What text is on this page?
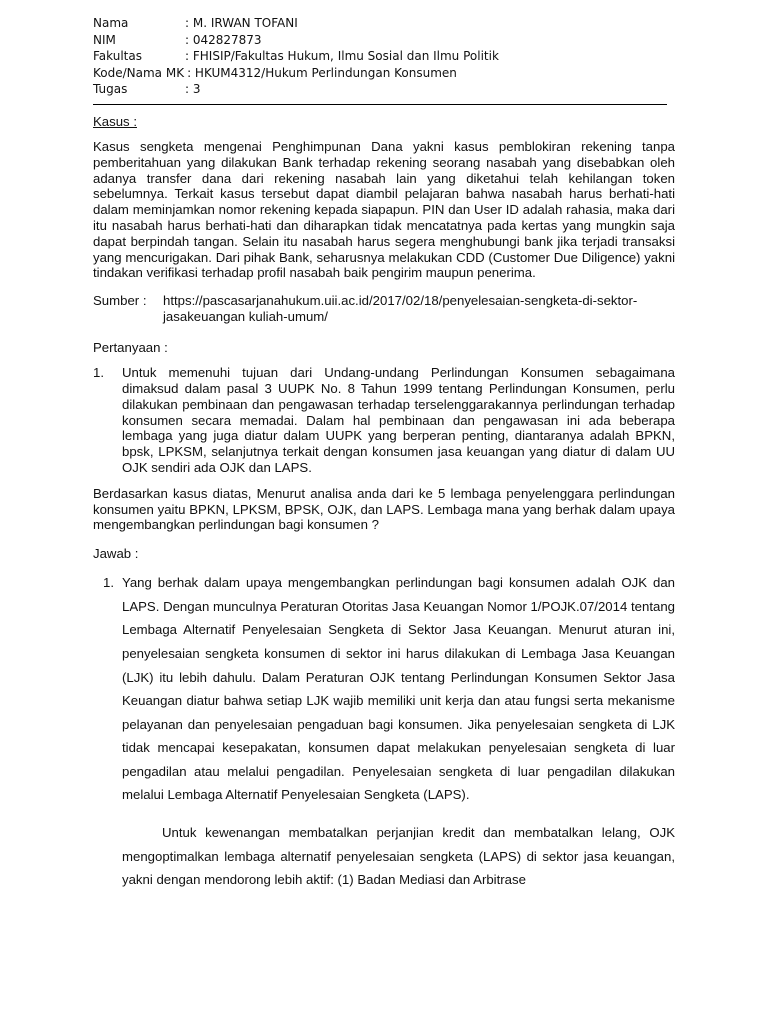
Nama	: M. IRWAN TOFANI
NIM	: 042827873
Fakultas	: FHISIP/Fakultas Hukum, Ilmu Sosial dan Ilmu Politik
Kode/Nama MK : HKUM4312/Hukum Perlindungan Konsumen
Tugas	: 3
Kasus :

Kasus sengketa mengenai Penghimpunan Dana yakni kasus pemblokiran rekening tanpa pemberitahuan yang dilakukan Bank terhadap rekening seorang nasabah yang disebabkan oleh adanya transfer dana dari rekening nasabah lain yang diketahui telah kehilangan token sebelumnya. Terkait kasus tersebut dapat diambil pelajaran bahwa nasabah harus berhati-hati dalam meminjamkan nomor rekening kepada siapapun. PIN dan User ID adalah rahasia, maka dari itu nasabah harus berhati-hati dan diharapkan tidak mencatatnya pada kertas yang mungkin saja dapat berpindah tangan. Selain itu nasabah harus segera menghubungi bank jika terjadi transaksi yang mencurigakan. Dari pihak Bank, seharusnya melakukan CDD (Customer Due Diligence) yakni tindakan verifikasi terhadap profil nasabah baik pengirim maupun penerima.

Sumber :	https://pascasarjanahukum.uii.ac.id/2017/02/18/penyelesaian-sengketa-di-sektor-
jasakeuangan kuliah-umum/
Pertanyaan :
1.	Untuk memenuhi tujuan dari Undang-undang Perlindungan Konsumen sebagaimana dimaksud dalam pasal 3 UUPK No. 8 Tahun 1999 tentang Perlindungan Konsumen, perlu dilakukan pembinaan dan pengawasan terhadap terselenggarakannya perlindungan terhadap konsumen secara memadai. Dalam hal pembinaan dan pengawasan ini ada beberapa lembaga yang juga diatur dalam UUPK yang berperan penting, diantaranya adalah BPKN, bpsk, LPKSM, selanjutnya terkait dengan konsumen jasa keuangan yang diatur di dalam UU OJK sendiri ada OJK dan LAPS.

Berdasarkan kasus diatas, Menurut analisa anda dari ke 5 lembaga penyelenggara perlindungan konsumen yaitu BPKN, LPKSM, BPSK, OJK, dan LAPS. Lembaga mana yang berhak dalam upaya mengembangkan perlindungan bagi konsumen ?

Jawab :
1. Yang berhak dalam upaya mengembangkan perlindungan bagi konsumen adalah OJK dan LAPS. Dengan munculnya Peraturan Otoritas Jasa Keuangan Nomor 1/POJK.07/2014 tentang Lembaga Alternatif Penyelesaian Sengketa di Sektor Jasa Keuangan. Menurut aturan ini, penyelesaian sengketa konsumen di sektor ini harus dilakukan di Lembaga Jasa Keuangan (LJK) itu lebih dahulu. Dalam Peraturan OJK tentang Perlindungan Konsumen Sektor Jasa Keuangan diatur bahwa setiap LJK wajib memiliki unit kerja dan atau fungsi serta mekanisme pelayanan dan penyelesaian pengaduan bagi konsumen. Jika penyelesaian sengketa di LJK tidak mencapai kesepakatan, konsumen dapat melakukan penyelesaian sengketa di luar pengadilan atau melalui pengadilan. Penyelesaian sengketa di luar pengadilan dilakukan melalui Lembaga Alternatif Penyelesaian Sengketa (LAPS).

Untuk kewenangan membatalkan perjanjian kredit dan membatalkan lelang, OJK mengoptimalkan lembaga alternatif penyelesaian sengketa (LAPS) di sektor jasa keuangan, yakni dengan mendorong lebih aktif: (1) Badan Mediasi dan Arbitrase
